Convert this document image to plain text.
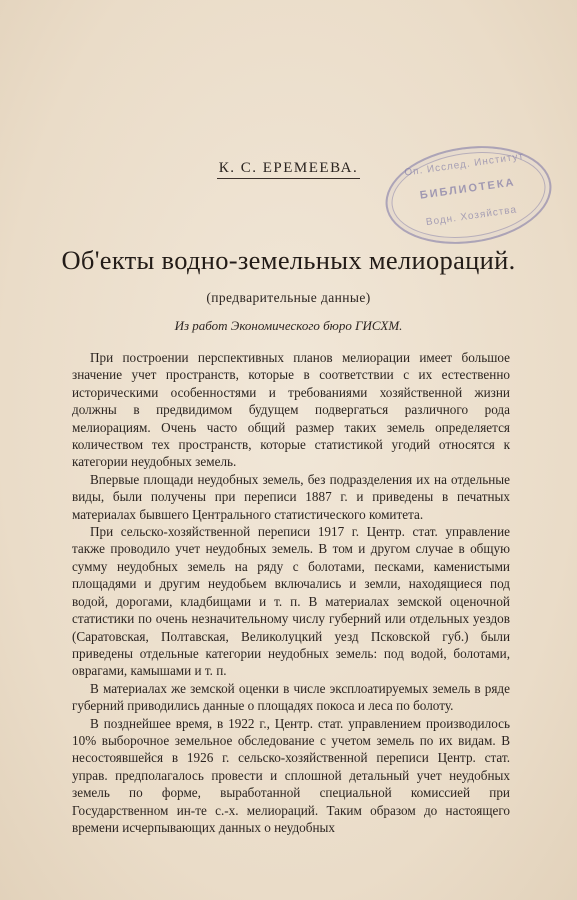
К. С. ЕРЕМЕЕВА.	Оп. Исслед. Институт
БИБЛИОТЕКА
Водн. Хозяйства
Об'екты водно-земельных мелиораций.
(предварительные данные)
Из работ Экономического бюро ГИСХМ.

При построении перспективных планов мелиорации имеет большое значение учет пространств, которые в соответствии с их естественно историческими особенностями и требованиями хозяйственной жизни должны в предвидимом будущем подвергаться различного рода мелиорациям. Очень часто общий размер таких земель определяется количеством тех пространств, которые статистикой угодий относятся к категории неудобных земель.

Впервые площади неудобных земель, без подразделения их на отдельные виды, были получены при переписи 1887 г. и приведены в печатных материалах бывшего Центрального статистического комитета.

При сельско-хозяйственной переписи 1917 г. Центр. стат. управление также проводило учет неудобных земель. В том и другом случае в общую сумму неудобных земель на ряду с болотами, песками, каменистыми площадями и другим неудобьем включались и земли, находящиеся под водой, дорогами, кладбищами и т. п. В материалах земской оценочной статистики по очень незначительному числу губерний или отдельных уездов (Саратовская, Полтавская, Великолуцкий уезд Псковской губ.) были приведены отдельные категории неудобных земель: под водой, болотами, оврагами, камышами и т. п.

В материалах же земской оценки в числе эксплоатируемых земель в ряде губерний приводились данные о площадях покоса и леса по болоту.

В позднейшее время, в 1922 г., Центр. стат. управлением производилось 10% выборочное земельное обследование с учетом земель по их видам. В несостоявшейся в 1926 г. сельско-хозяйственной переписи Центр. стат. управ. предполагалось провести и сплошной детальный учет неудобных земель по форме, выработанной специальной комиссией при Государственном ин-те с.-х. мелиораций. Таким образом до настоящего времени исчерпывающих данных о неудобных
